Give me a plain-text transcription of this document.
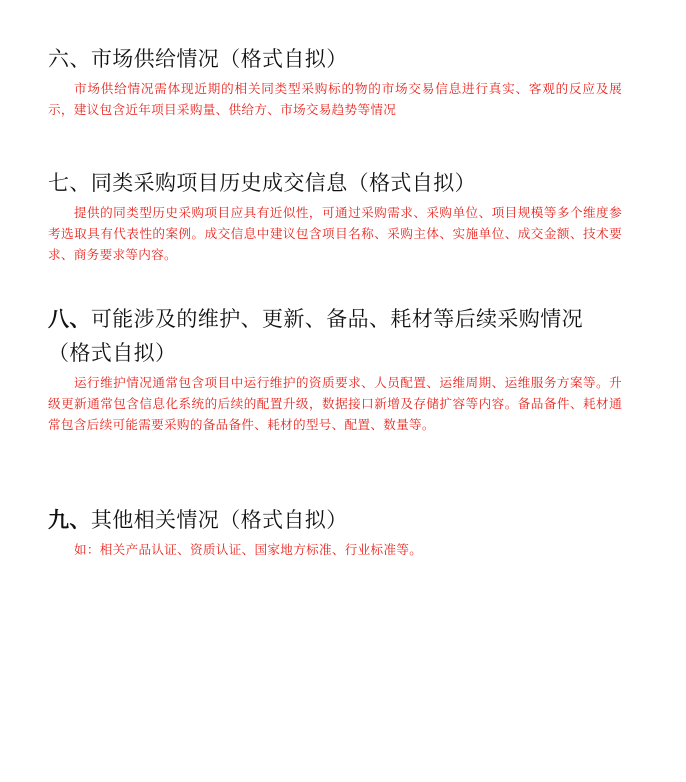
六、市场供给情况（格式自拟）

市场供给情况需体现近期的相关同类型采购标的物的市场交易信息进行真实、客观的反应及展示，建议包含近年项目采购量、供给方、市场交易趋势等情况

七、同类采购项目历史成交信息（格式自拟）

提供的同类型历史采购项目应具有近似性，可通过采购需求、采购单位、项目规模等多个维度参考选取具有代表性的案例。成交信息中建议包含项目名称、采购主体、实施单位、成交金额、技术要求、商务要求等内容。

八、可能涉及的维护、更新、备品、耗材等后续采购情况

（格式自拟）

运行维护情况通常包含项目中运行维护的资质要求、人员配置、运维周期、运维服务方案等。升级更新通常包含信息化系统的后续的配置升级，数据接口新增及存储扩容等内容。备品备件、耗材通常包含后续可能需要采购的备品备件、耗材的型号、配置、数量等。

九、其他相关情况（格式自拟）

如：相关产品认证、资质认证、国家地方标准、行业标准等。
